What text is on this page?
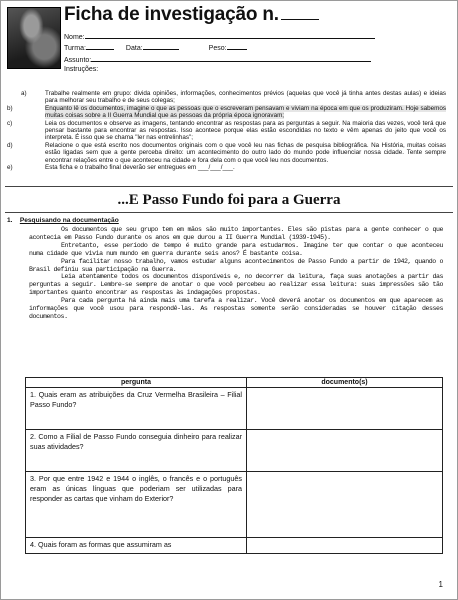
Ficha de investigação n.
Nome:
Turma:	Data:	Peso:
Assunto:
Instruções:
a)	Trabalhe realmente em grupo: divida opiniões, informações, conhecimentos prévios (aquelas que você já tinha antes destas aulas) e ideias para melhorar seu trabalho e de seus colegas;
b)	Enquanto lê os documentos, imagine o que as pessoas que o escreveram pensavam e viviam na época em que os produziram. Hoje sabemos muitas coisas sobre a II Guerra Mundial que as pessoas da própria época ignoravam;
c)	Leia os documentos e observe as imagens, tentando encontrar as respostas para as perguntas a seguir. Na maioria das vezes, você terá que pensar bastante para encontrar as respostas. Isso acontece porque elas estão escondidas no texto e vêm apenas do jeito que você os interpreta. É isso que se chama "ler nas entrelinhas";
d)	Relacione o que está escrito nos documentos originais com o que você leu nas fichas de pesquisa bibliográfica. Na História, muitas coisas estão ligadas sem que a gente perceba direito: um acontecimento do outro lado do mundo pode influenciar nossa cidade. Tente sempre encontrar relações entre o que aconteceu na cidade e fora dela com o que você leu nos documentos.
e)	Esta ficha e o trabalho final deverão ser entregues em ___/___/___.
...E Passo Fundo foi para a Guerra
1. Pesquisando na documentação

Os documentos que seu grupo tem em mãos são muito importantes. Eles são pistas para a gente conhecer o que acontecia em Passo Fundo durante os anos em que durou a II Guerra Mundial (1939-1945).

Entretanto, esse período de tempo é muito grande para estudarmos. Imagine ter que contar o que aconteceu numa cidade que vivia num mundo em guerra durante seis anos? É bastante coisa.

Para facilitar nosso trabalho, vamos estudar alguns acontecimentos de Passo Fundo a partir de 1942, quando o Brasil definiu sua participação na Guerra.

Leia atentamente todos os documentos disponíveis e, no decorrer da leitura, faça suas anotações a partir das perguntas a seguir. Lembre-se sempre de anotar o que você percebeu ao realizar essa leitura: suas impressões são tão importantes quanto encontrar as respostas às indagações propostas.

Para cada pergunta há ainda mais uma tarefa a realizar. Você deverá anotar os documentos em que aparecem as informações que você usou para respondê-las. As respostas somente serão consideradas se houver citação desses documentos.

pergunta	documento(s)

1. Quais eram as atribuições da Cruz Vermelha Brasileira – Filial Passo Fundo?	

2. Como a Filial de Passo Fundo conseguia dinheiro para realizar suas atividades?	

3. Por que entre 1942 e 1944 o inglês, o francês e o português eram as únicas línguas que poderiam ser utilizadas para responder as cartas que vinham do Exterior?	

4. Quais foram as formas que assumiram as	

1
